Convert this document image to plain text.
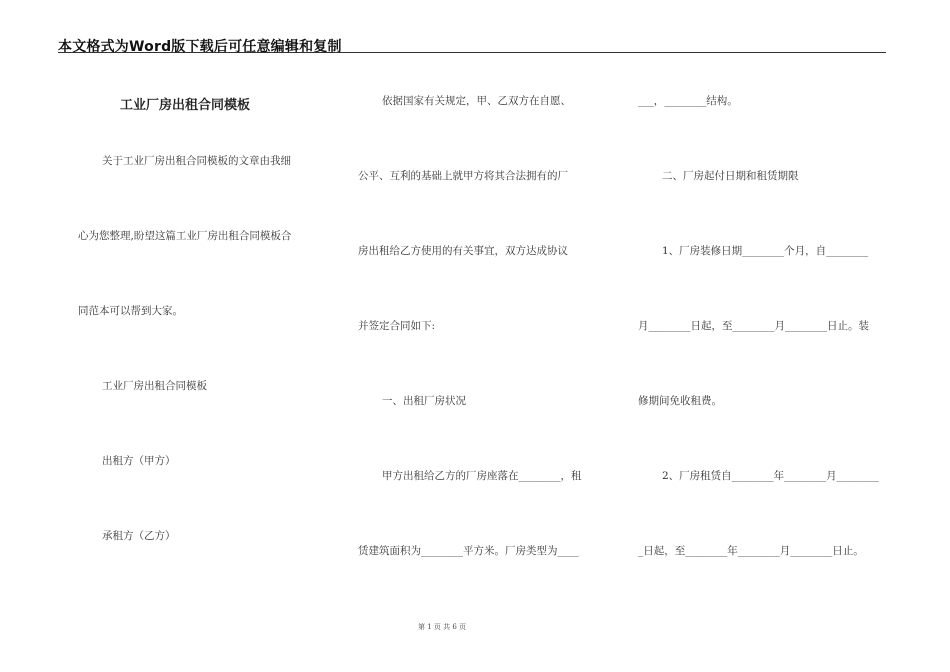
本文格式为Word版下载后可任意编辑和复制
工业厂房出租合同模板
关于工业厂房出租合同模板的文章由我细
心为您整理,盼望这篇工业厂房出租合同模板合
同范本可以帮到大家。
工业厂房出租合同模板
出租方（甲方）
承租方（乙方）
依据国家有关规定，甲、乙双方在自愿、
公平、互利的基础上就甲方将其合法拥有的厂
房出租给乙方使用的有关事宜，双方达成协议
并签定合同如下:
一、出租厂房状况
甲方出租给乙方的厂房座落在________，租
赁建筑面积为________平方米。厂房类型为____
___，________结构。
二、厂房起付日期和租赁期限
1、厂房装修日期________个月，自________
月________日起，至________月________日止。装
修期间免收租费。
2、厂房租赁自________年________月________
_日起，至________年________月________日止。
第 1 页 共 6 页
